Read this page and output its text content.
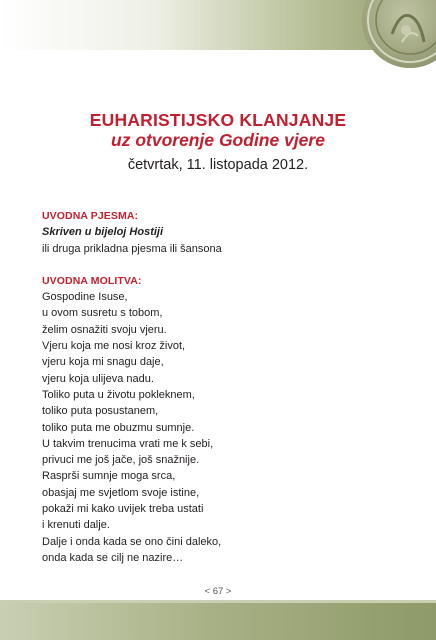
EUHARISTIJSKO KLANJANJE

uz otvorenje Godine vjere

četvrtak, 11. listopada 2012.
UVODNA PJESMA:
Skriven u bijeloj Hostiji
ili druga prikladna pjesma ili šansona
UVODNA MOLITVA:
Gospodine Isuse,
u ovom susretu s tobom,
želim osnažiti svoju vjeru.
Vjeru koja me nosi kroz život,
vjeru koja mi snagu daje,
vjeru koja ulijeva nadu.
Toliko puta u životu pokleknem,
toliko puta posustanem,
toliko puta me obuzmu sumnje.
U takvim trenucima vrati me k sebi,
privuci me još jače, još snažnije.
Rasprši sumnje moga srca,
obasjaj me svjetlom svoje istine,
pokaži mi kako uvijek treba ustati
i krenuti dalje.
Dalje i onda kada se ono čini daleko,
onda kada se cilj ne nazire…
< 67 >
